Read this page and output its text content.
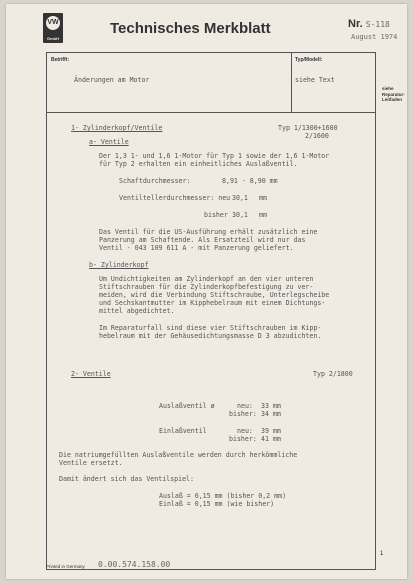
VW
GmbH
Technisches Merkblatt	Nr. S-118
August 1974
siehe
Reparatur-
Leitfaden
Betrifft:	Typ/Modell:
Änderungen am Motor	siehe Text
1- Zylinderkopf/Ventile	Typ 1/1300+1600
2/1600
a- Ventile
Der 1,3 1- und 1,6 1-Motor für Typ 1 sowie der 1,6 1-Motor
für Typ 2 erhalten ein einheitliches Auslaßventil.
Schaftdurchmesser:	8,91 - 8,90 mm
Ventiltellerdurchmesser: neu 30,1 mm
bisher 30,1 mm
Das Ventil für die US-Ausführung erhält zusätzlich eine
Panzerung am Schaftende. Als Ersatzteil wird nur das
Ventil - 043 109 611 A - mit Panzerung geliefert.
b- Zylinderkopf
Um Undichtigkeiten am Zylinderkopf an den vier unteren
Stiftschrauben für die Zylinderkopfbefestigung zu ver-
meiden, wird die Verbindung Stiftschraube, Unterlegscheibe
und Sechskantmutter im Kipphebelraum mit einem Dichtungs-
mittel abgedichtet.
Im Reparaturfall sind diese vier Stiftschrauben im Kipp-
hebelraum mit der Gehäusedichtungsmasse D 3 abzudichten.
2- Ventile	Typ 2/1800
Auslaßventil ø	neu: 33 mm
bisher: 34 mm
Einlaßventil	neu: 39 mm
bisher: 41 mm
Die natriumgefüllten Auslaßventile werden durch herkömmliche
Ventile ersetzt.
Damit ändert sich das Ventilspiel:
Auslaß = 0,15 mm (bisher 0,2 mm)
Einlaß = 0,15 mm (wie bisher)
1
Printed in Germany 0.00.574.158.00
